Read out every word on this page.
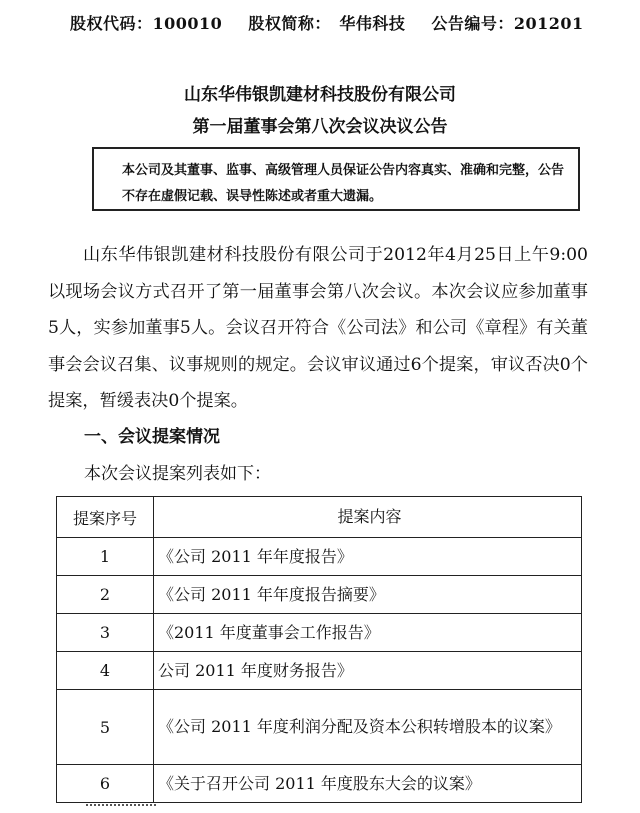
股权代码：100010 股权简称：　华伟科技 公告编号：201201
山东华伟银凯建材科技股份有限公司
第一届董事会第八次会议决议公告
本公司及其董事、监事、高级管理人员保证公告内容真实、准确和完整，公告不存在虚假记载、误导性陈述或者重大遗漏。
山东华伟银凯建材科技股份有限公司于2012年4月25日上午9:00以现场会议方式召开了第一届董事会第八次会议。本次会议应参加董事5人，实参加董事5人。会议召开符合《公司法》和公司《章程》有关董事会会议召集、议事规则的规定。会议审议通过6个提案，审议否决0个提案，暂缓表决0个提案。
一、会议提案情况
本次会议提案列表如下：
提案序号	提案内容
1	《公司 2011 年年度报告》
2	《公司 2011 年年度报告摘要》
3	《2011 年度董事会工作报告》
4	公司 2011 年度财务报告》
5	《公司 2011 年度利润分配及资本公积转增股本的议案》
6	《关于召开公司 2011 年度股东大会的议案》
